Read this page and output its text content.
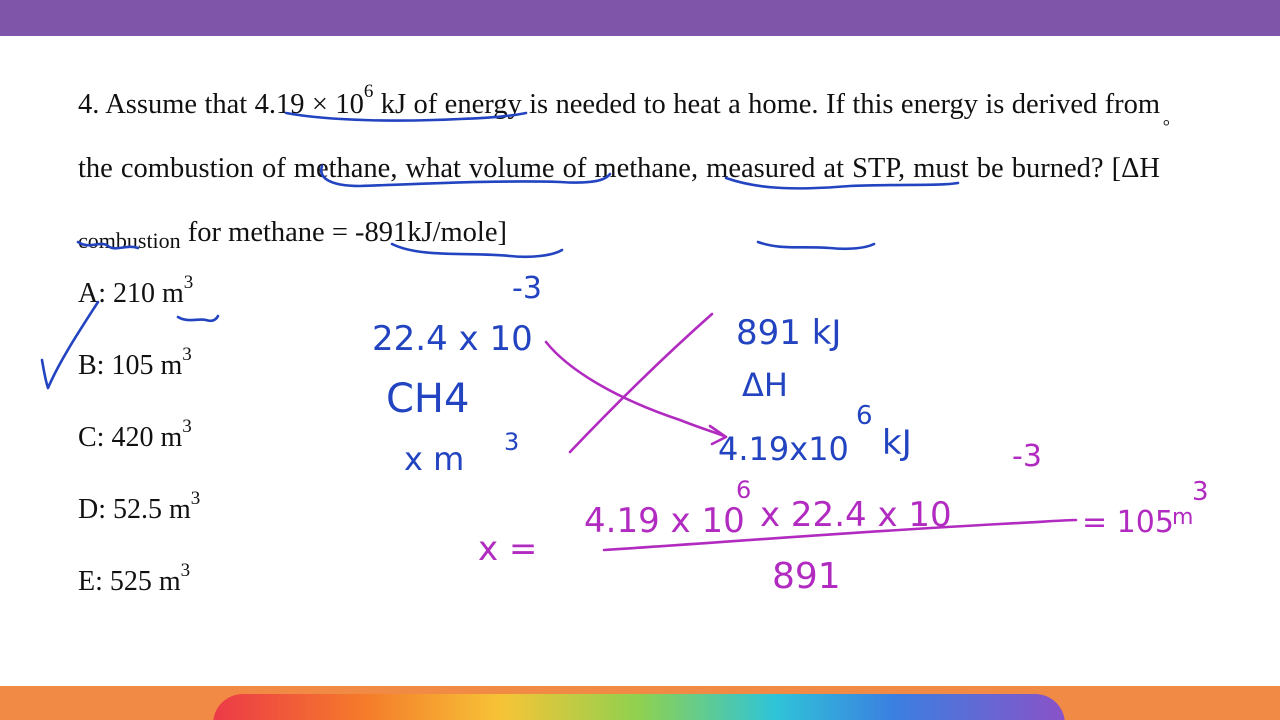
4. Assume that $4.19 \times 10^6$ kJ of energy is needed to heat a home. If this energy is derived from the combustion of methane, what volume of methane, measured at STP, must be burned? [ΔH
°
$_{combustion}$ for methane = -891kJ/mole]
A: 210 $m^3$
B: 105 $m^3$
C: 420 $m^3$
D: 52.5 $m^3$
E: 525 $m^3$
22.4 x 10
-3
CH4
x m 3
891 kJ
ΔH
4.19x10
6
kJ
x =
4.19 x 10
6
x 22.4 x 10
-3
891
= 105
m
3
